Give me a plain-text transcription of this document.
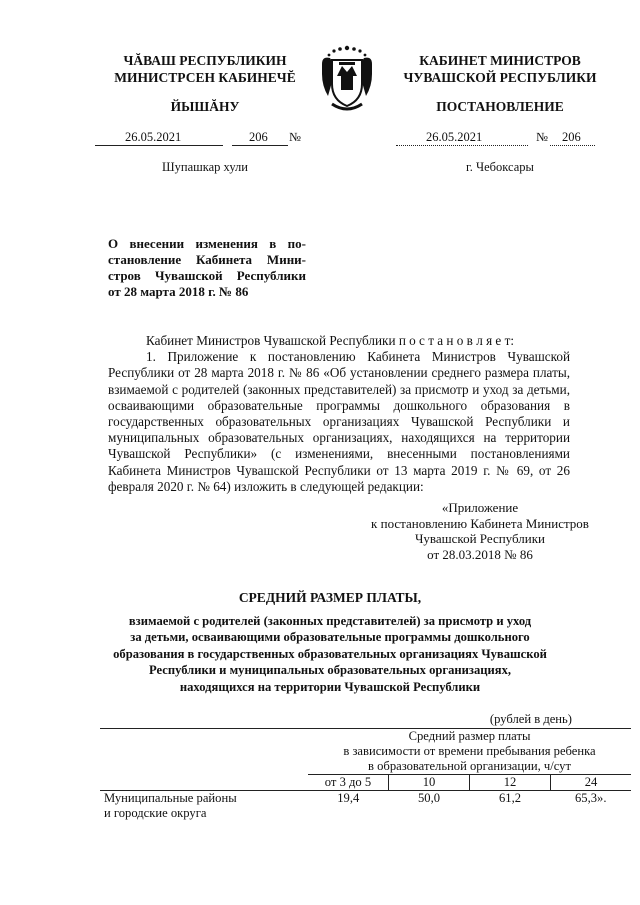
ЧĂВАШ РЕСПУБЛИКИН
МИНИСТРСЕН КАБИНЕЧĔ
ЙЫШĂНУ
26.05.2021	206 №
Шупашкар хули
КАБИНЕТ МИНИСТРОВ
ЧУВАШСКОЙ РЕСПУБЛИКИ
ПОСТАНОВЛЕНИЕ
26.05.2021	№ 206
г. Чебоксары
О внесении изменения в по-
становление Кабинета Мини-
стров Чувашской Республики
от 28 марта 2018 г. № 86

Кабинет Министров Чувашской Республики п о с т а н о в л я е т:

1. Приложение к постановлению Кабинета Министров Чувашской Республики от 28 марта 2018 г. № 86 «Об установлении среднего размера платы, взимаемой с родителей (законных представителей) за присмотр и уход за детьми, осваивающими образовательные программы дошкольного образования в государственных образовательных организациях Чувашской Республики и муниципальных образовательных организациях, находящихся на территории Чувашской Республики» (с изменениями, внесенными постановлениями Кабинета Министров Чувашской Республики от 13 марта 2019 г. № 69, от 26 февраля 2020 г. № 64) изложить в следующей редакции:

«Приложение
к постановлению Кабинета Министров
Чувашской Республики
от 28.03.2018 № 86
СРЕДНИЙ РАЗМЕР ПЛАТЫ,
взимаемой с родителей (законных представителей) за присмотр и уход
за детьми, осваивающими образовательные программы дошкольного
образования в государственных образовательных организациях Чувашской
Республики и муниципальных образовательных организациях,
находящихся на территории Чувашской Республики
(рублей в день)

	Средний размер платы
в зависимости от времени пребывания ребенка
в образовательной организации, ч/сут			

	от 3 до 5	10	12	24

Муниципальные районы
и городские округа	19,4	50,0	61,2	65,3».
